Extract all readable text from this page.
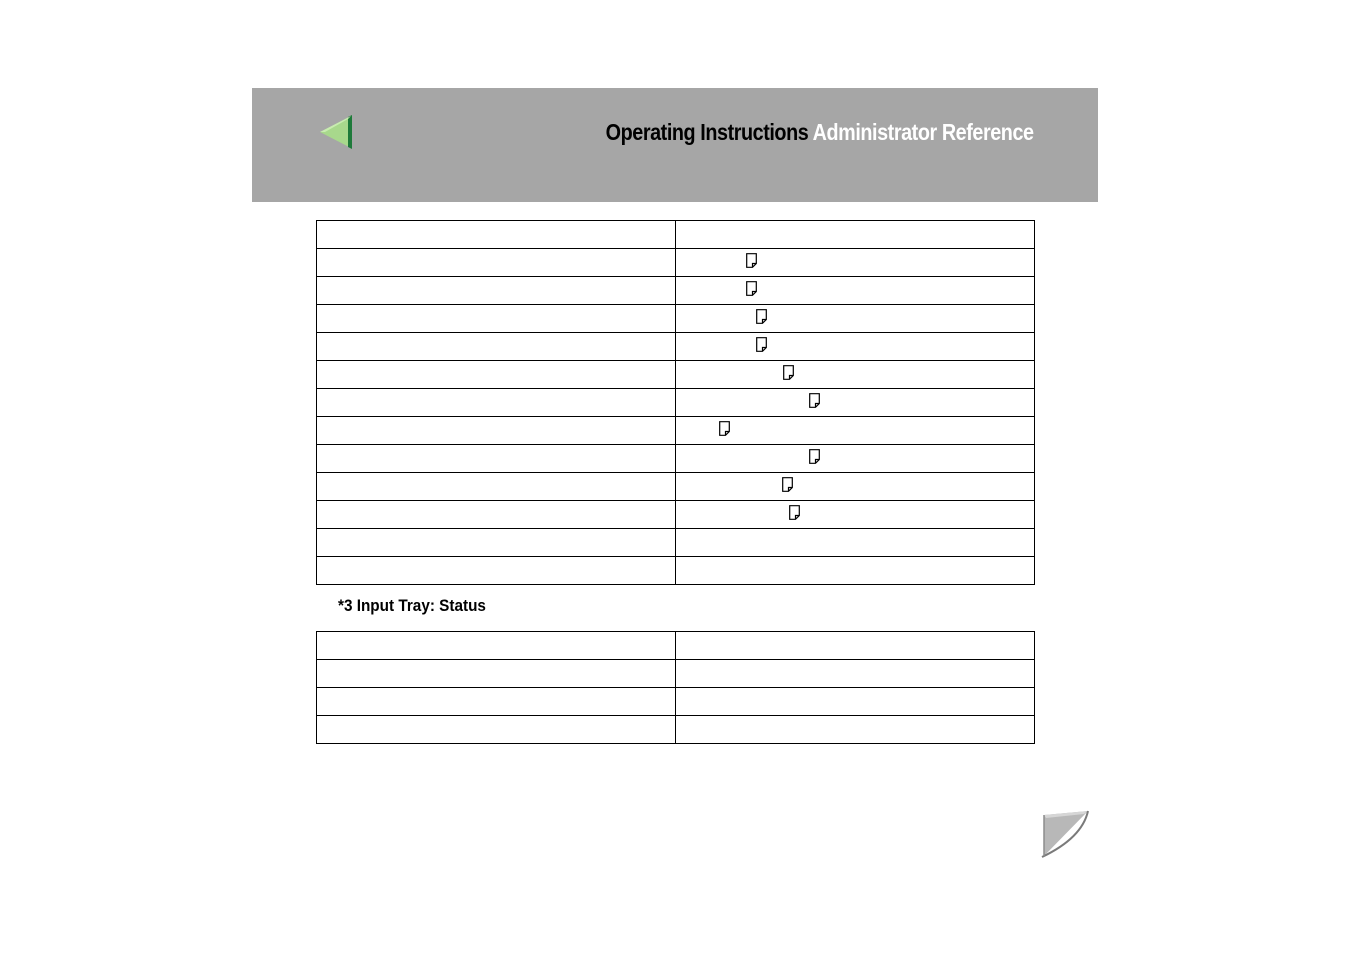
Operating Instructions Administrator Reference

*3 Input Tray: Status
